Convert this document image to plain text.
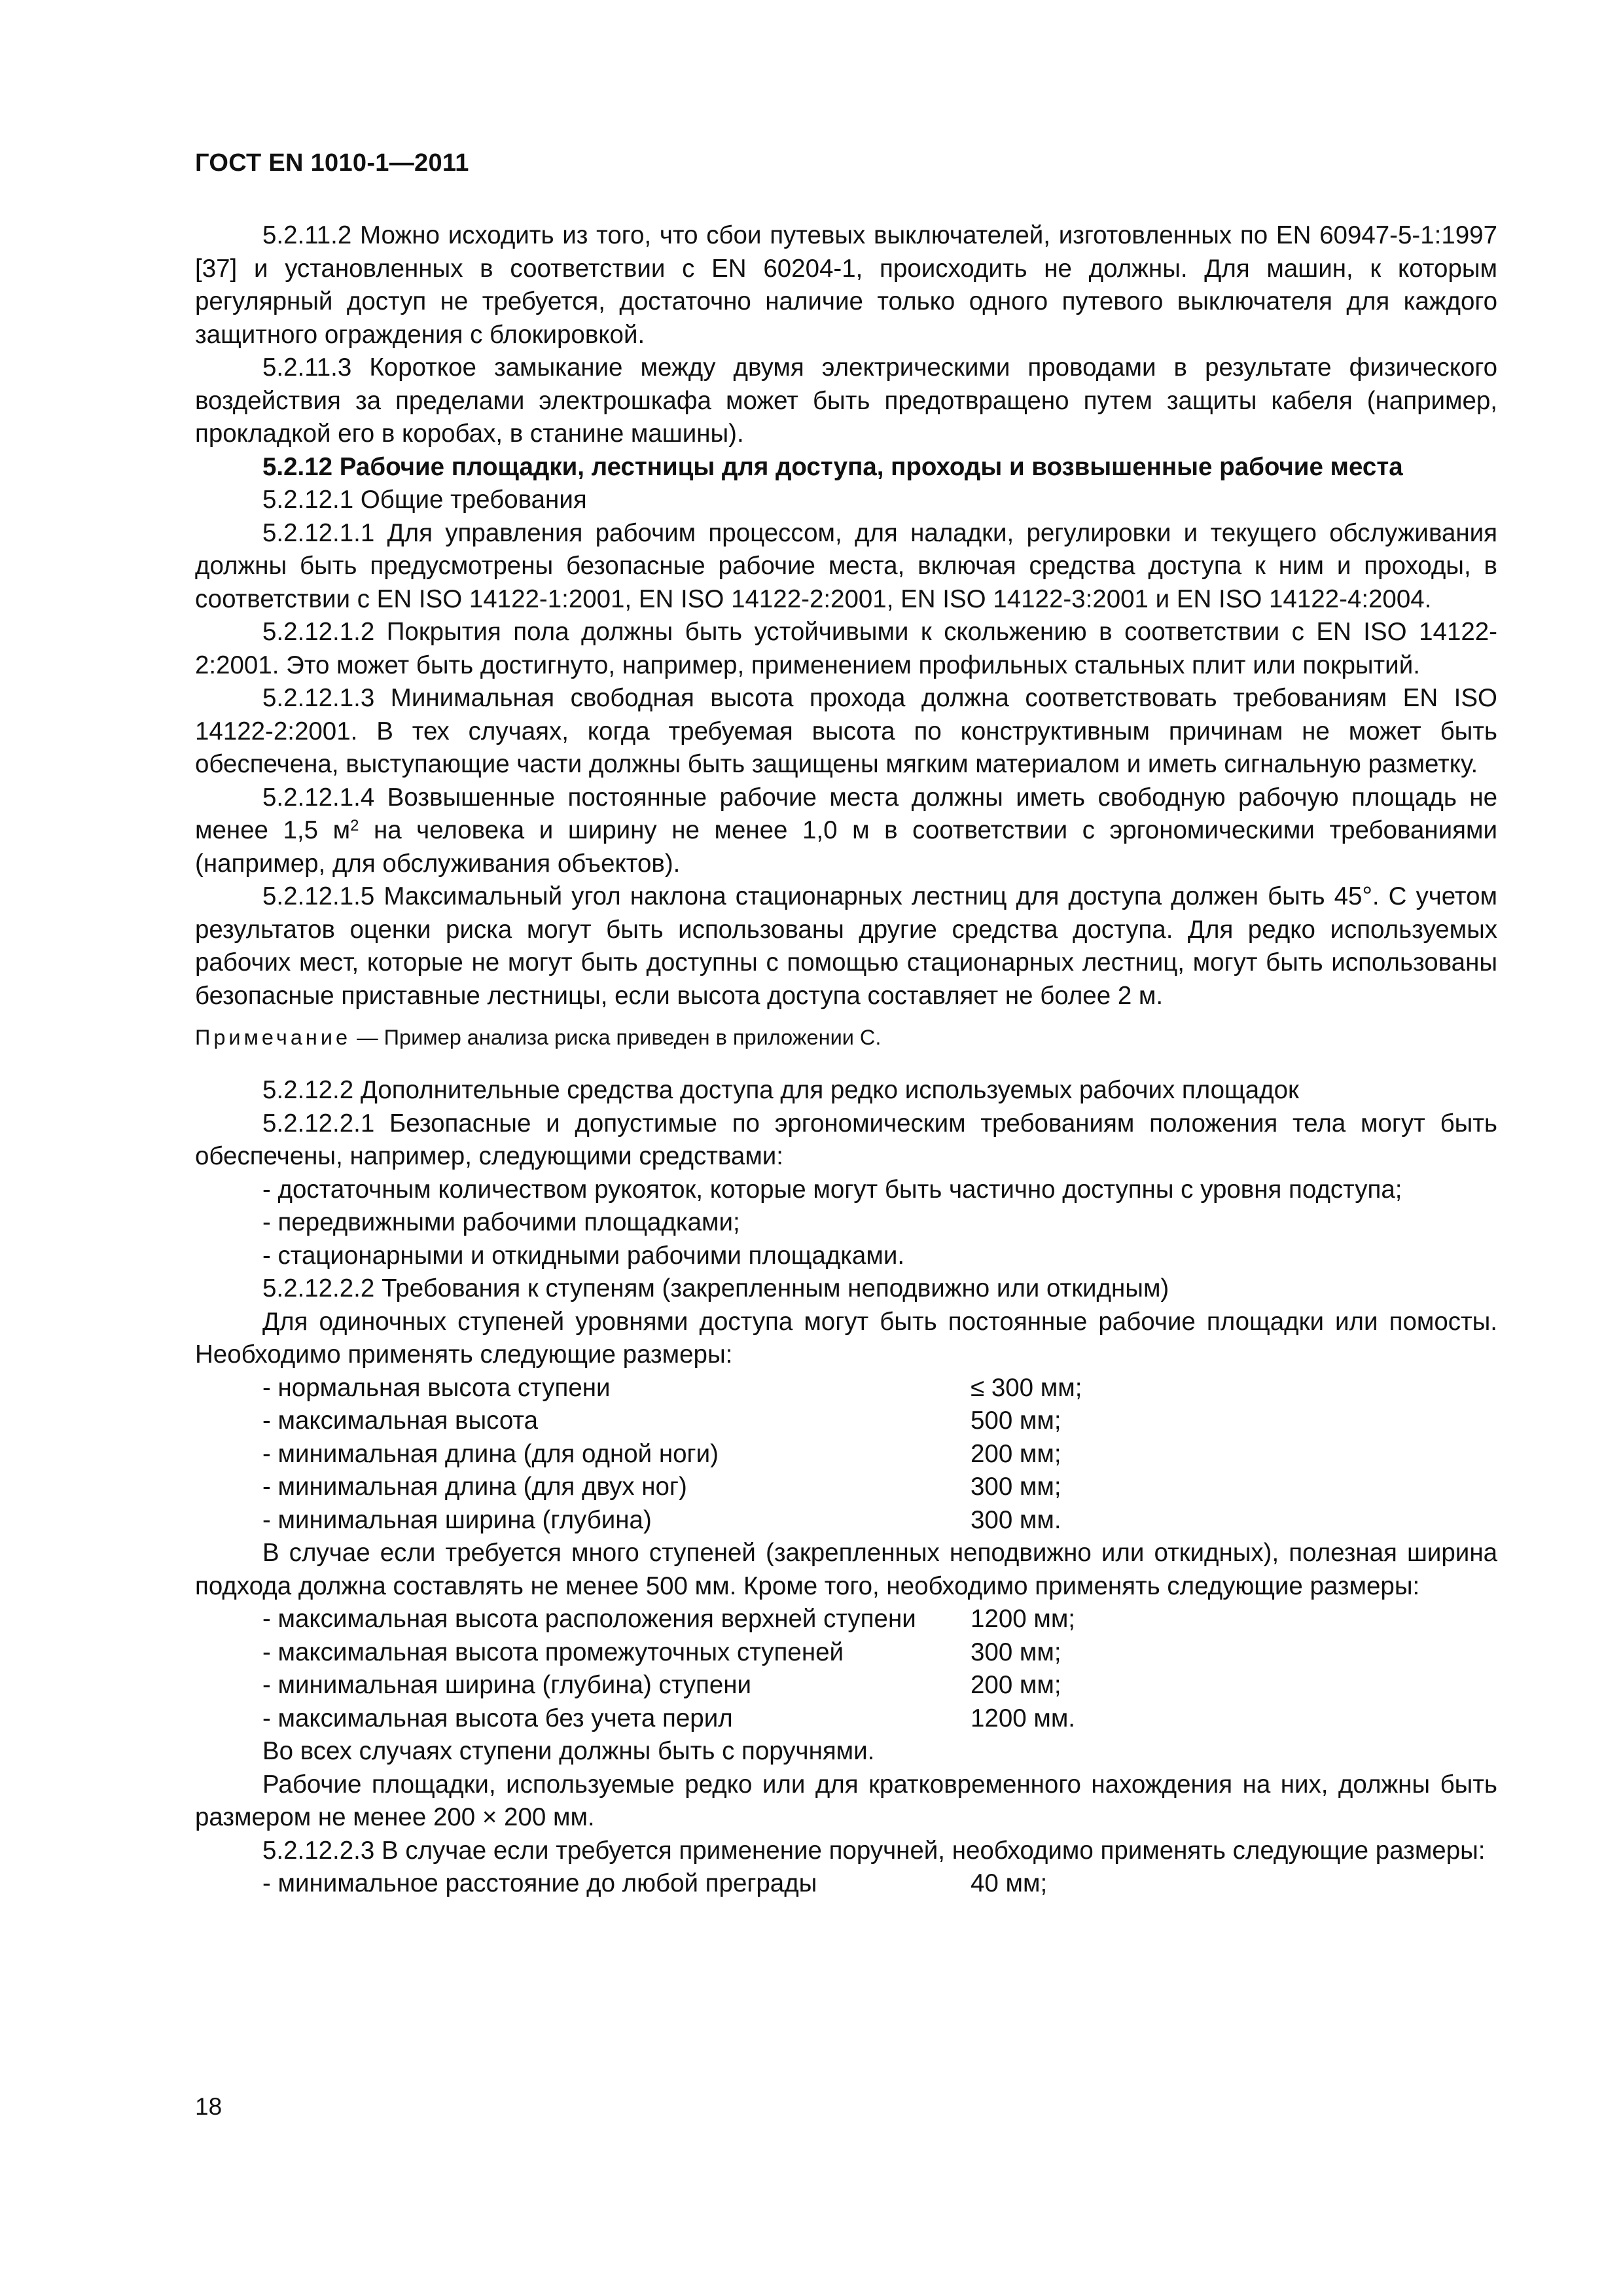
ГОСТ EN 1010-1—2011

5.2.11.2 Можно исходить из того, что сбои путевых выключателей, изготовленных по EN 60947-5-1:1997 [37] и установленных в соответствии с EN 60204-1, происходить не должны. Для машин, к которым регулярный доступ не требуется, достаточно наличие только одного путевого выключателя для каждого защитного ограждения с блокировкой.

5.2.11.3 Короткое замыкание между двумя электрическими проводами в результате физического воздействия за пределами электрошкафа может быть предотвращено путем защиты кабеля (например, прокладкой его в коробах, в станине машины).

5.2.12 Рабочие площадки, лестницы для доступа, проходы и возвышенные рабочие места

5.2.12.1 Общие требования

5.2.12.1.1 Для управления рабочим процессом, для наладки, регулировки и текущего обслуживания должны быть предусмотрены безопасные рабочие места, включая средства доступа к ним и проходы, в соответствии с EN ISO 14122-1:2001, EN ISO 14122-2:2001, EN ISO 14122-3:2001 и EN ISO 14122-4:2004.

5.2.12.1.2 Покрытия пола должны быть устойчивыми к скольжению в соответствии с EN ISO 14122-2:2001. Это может быть достигнуто, например, применением профильных стальных плит или покрытий.

5.2.12.1.3 Минимальная свободная высота прохода должна соответствовать требованиям EN ISO 14122-2:2001. В тех случаях, когда требуемая высота по конструктивным причинам не может быть обеспечена, выступающие части должны быть защищены мягким материалом и иметь сигнальную разметку.

5.2.12.1.4 Возвышенные постоянные рабочие места должны иметь свободную рабочую площадь не менее 1,5 $м^2$ на человека и ширину не менее 1,0 м в соответствии с эргономическими требованиями (например, для обслуживания объектов).

5.2.12.1.5 Максимальный угол наклона стационарных лестниц для доступа должен быть 45°. С учетом результатов оценки риска могут быть использованы другие средства доступа. Для редко используемых рабочих мест, которые не могут быть доступны с помощью стационарных лестниц, могут быть использованы безопасные приставные лестницы, если высота доступа составляет не более 2 м.

Примечание — Пример анализа риска приведен в приложении С.

5.2.12.2 Дополнительные средства доступа для редко используемых рабочих площадок

5.2.12.2.1 Безопасные и допустимые по эргономическим требованиям положения тела могут быть обеспечены, например, следующими средствами:

- достаточным количеством рукояток, которые могут быть частично доступны с уровня подступа;

- передвижными рабочими площадками;

- стационарными и откидными рабочими площадками.

5.2.12.2.2 Требования к ступеням (закрепленным неподвижно или откидным)

Для одиночных ступеней уровнями доступа могут быть постоянные рабочие площадки или помосты. Необходимо применять следующие размеры:

- нормальная высота ступени	≤ 300 мм;
- максимальная высота	500 мм;
- минимальная длина (для одной ноги)	200 мм;
- минимальная длина (для двух ног)	300 мм;
- минимальная ширина (глубина)	300 мм.

В случае если требуется много ступеней (закрепленных неподвижно или откидных), полезная ширина подхода должна составлять не менее 500 мм. Кроме того, необходимо применять следующие размеры:

- максимальная высота расположения верхней ступени	1200 мм;
- максимальная высота промежуточных ступеней	300 мм;
- минимальная ширина (глубина) ступени	200 мм;
- максимальная высота без учета перил	1200 мм.

Во всех случаях ступени должны быть с поручнями.

Рабочие площадки, используемые редко или для кратковременного нахождения на них, должны быть размером не менее 200 × 200 мм.

5.2.12.2.3 В случае если требуется применение поручней, необходимо применять следующие размеры:

- минимальное расстояние до любой преграды	40 мм;
18
